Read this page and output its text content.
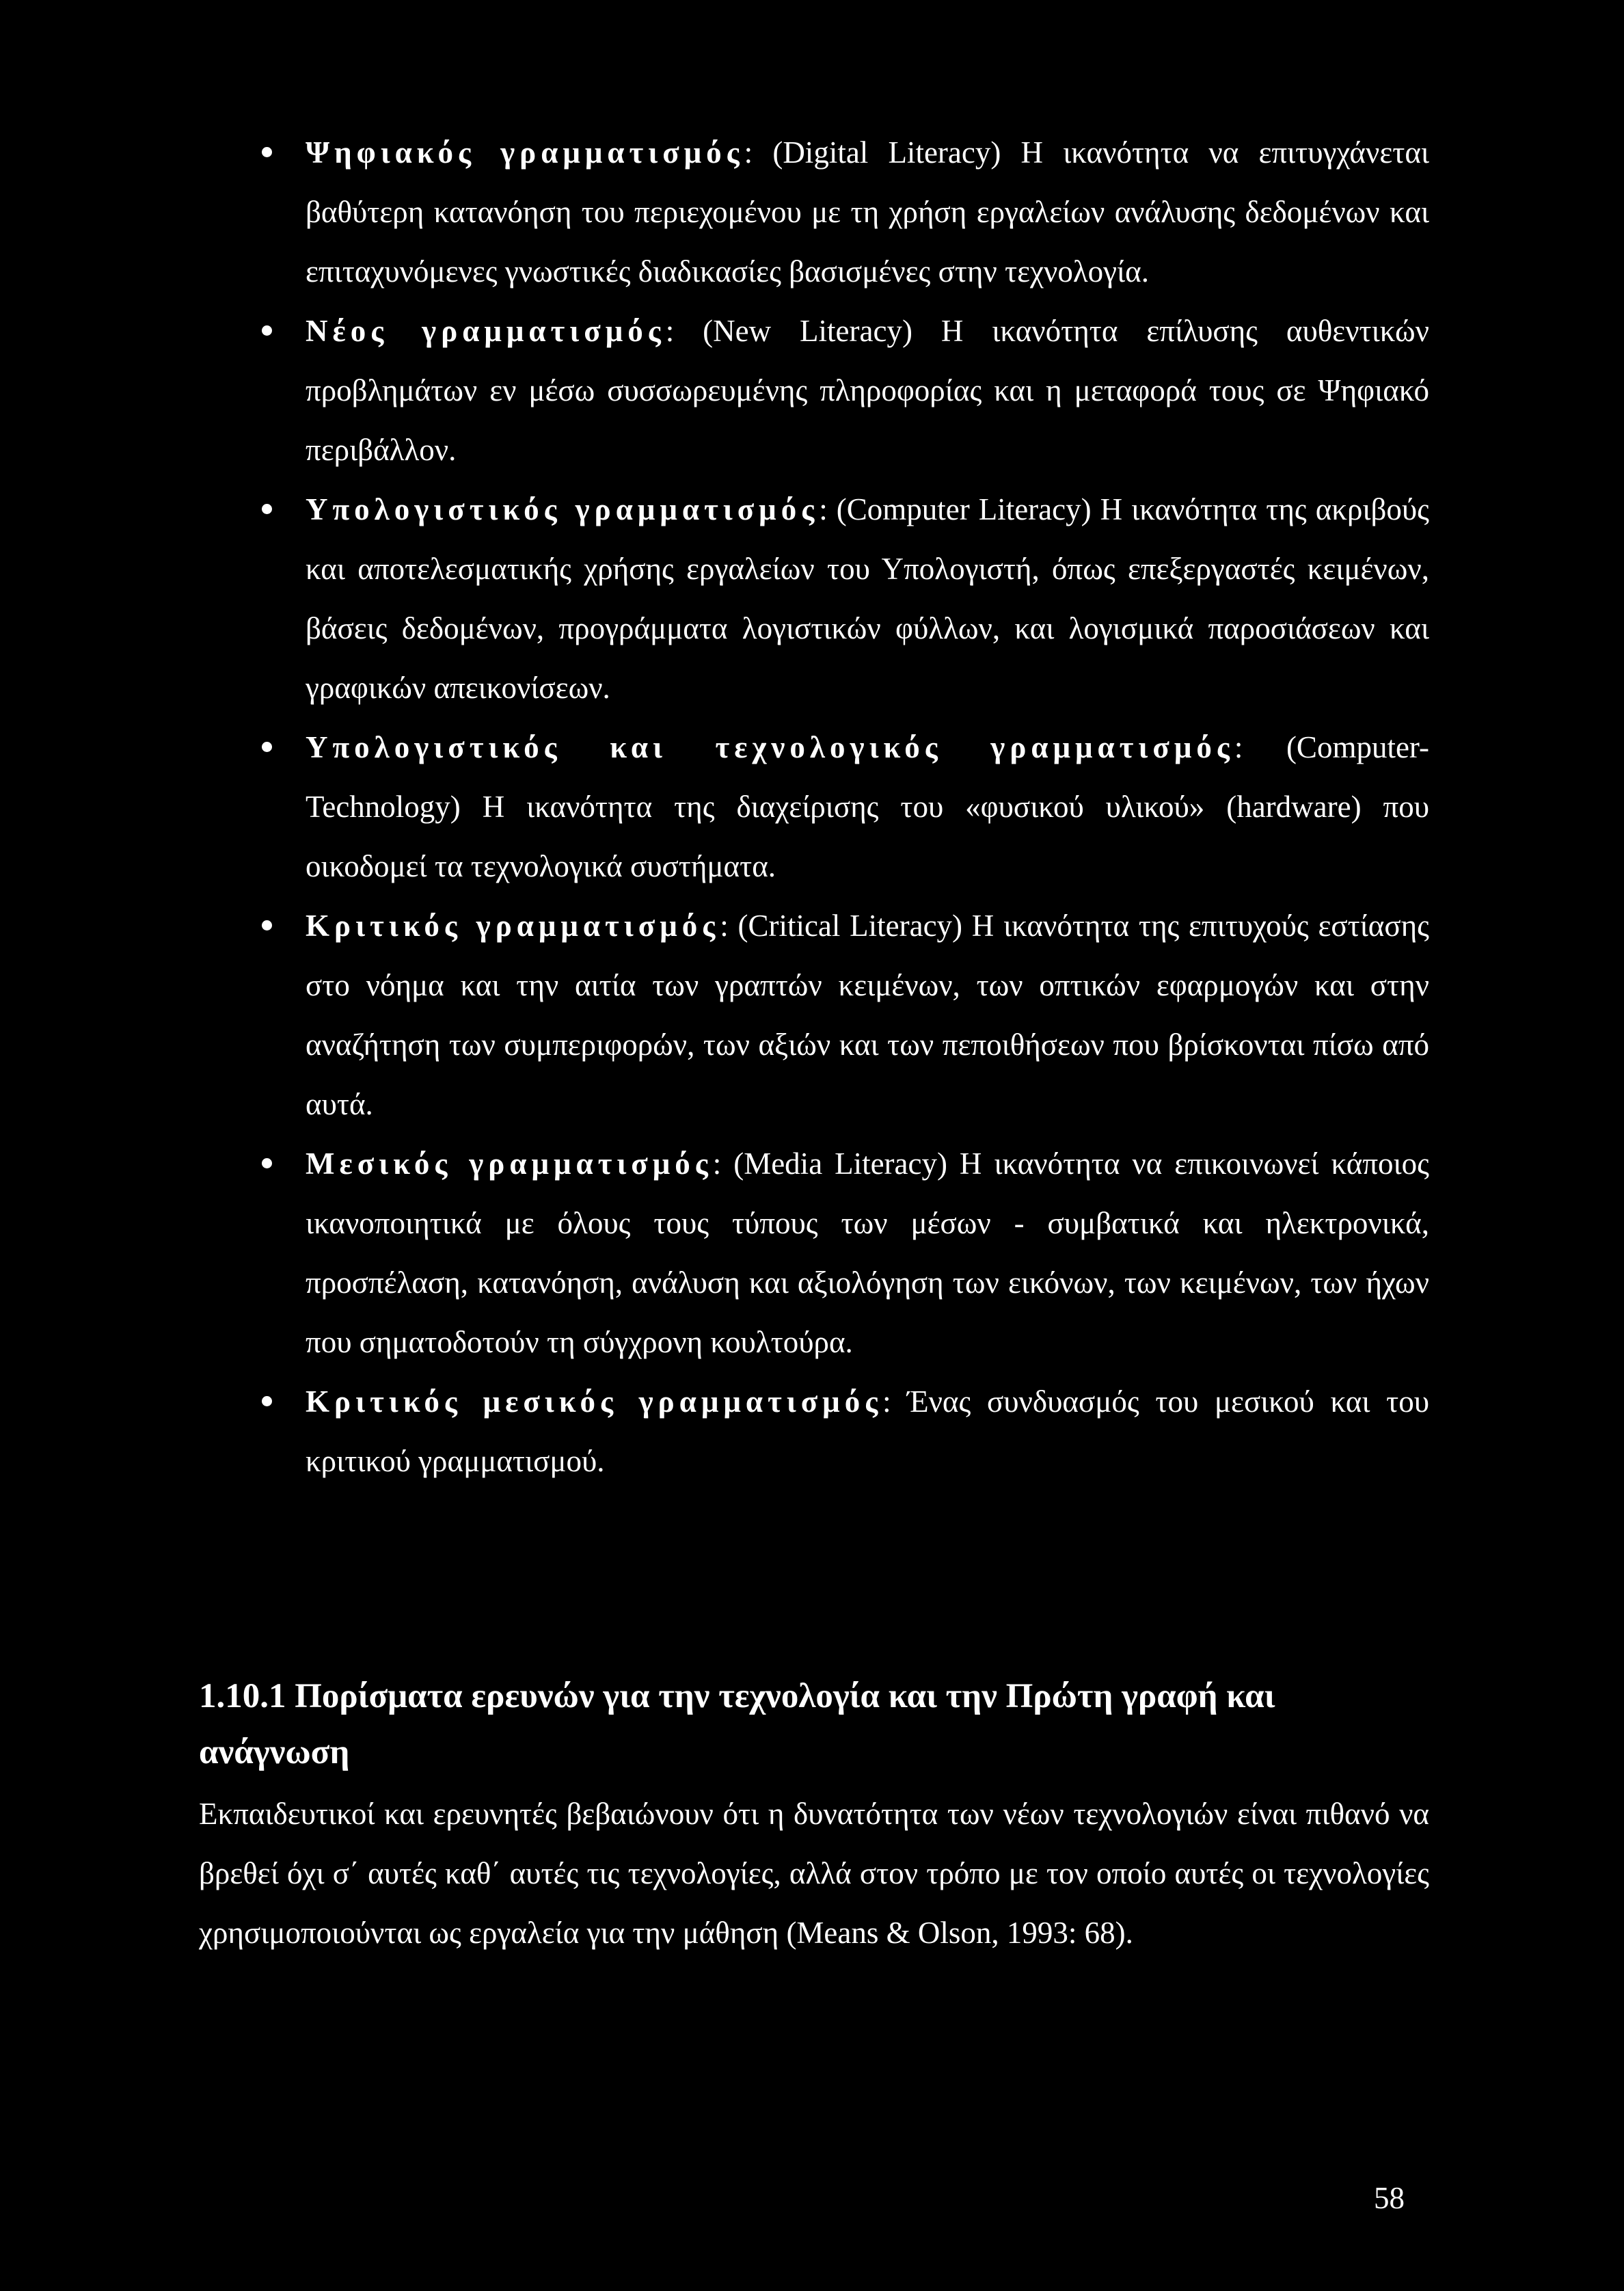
Ψηφιακός γραμματισμός: (Digital Literacy) Η ικανότητα να επιτυγχάνεται βαθύτερη κατανόηση του περιεχομένου με τη χρήση εργαλείων ανάλυσης δεδομένων και επιταχυνόμενες γνωστικές διαδικασίες βασισμένες στην τεχνολογία.
Νέος γραμματισμός: (New Literacy) Η ικανότητα επίλυσης αυθεντικών προβλημάτων εν μέσω συσσωρευμένης πληροφορίας και η μεταφορά τους σε Ψηφιακό περιβάλλον.
Υπολογιστικός γραμματισμός: (Computer Literacy) Η ικανότητα της ακριβούς και αποτελεσματικής χρήσης εργαλείων του Υπολογιστή, όπως επεξεργαστές κειμένων, βάσεις δεδομένων, προγράμματα λογιστικών φύλλων, και λογισμικά παροσιάσεων και γραφικών απεικονίσεων.
Υπολογιστικός και τεχνολογικός γραμματισμός: (Computer-Technology) Η ικανότητα της διαχείρισης του «φυσικού υλικού» (hardware) που οικοδομεί τα τεχνολογικά συστήματα.
Κριτικός γραμματισμός: (Critical Literacy) Η ικανότητα της επιτυχούς εστίασης στο νόημα και την αιτία των γραπτών κειμένων, των οπτικών εφαρμογών και στην αναζήτηση των συμπεριφορών, των αξιών και των πεποιθήσεων που βρίσκονται πίσω από αυτά.
Μεσικός γραμματισμός: (Media Literacy) Η ικανότητα να επικοινωνεί κάποιος ικανοποιητικά με όλους τους τύπους των μέσων - συμβατικά και ηλεκτρονικά, προσπέλαση, κατανόηση, ανάλυση και αξιολόγηση των εικόνων, των κειμένων, των ήχων που σηματοδοτούν τη σύγχρονη κουλτούρα.
Κριτικός μεσικός γραμματισμός: Ένας συνδυασμός του μεσικού και του κριτικού γραμματισμού.
1.10.1 Πορίσματα ερευνών για την τεχνολογία και την Πρώτη γραφή και ανάγνωση

Εκπαιδευτικοί και ερευνητές βεβαιώνουν ότι η δυνατότητα των νέων τεχνολογιών είναι πιθανό να βρεθεί όχι σ΄ αυτές καθ΄ αυτές τις τεχνολογίες, αλλά στον τρόπο με τον οποίο αυτές οι τεχνολογίες χρησιμοποιούνται ως εργαλεία για την μάθηση (Means & Olson, 1993: 68).

58
